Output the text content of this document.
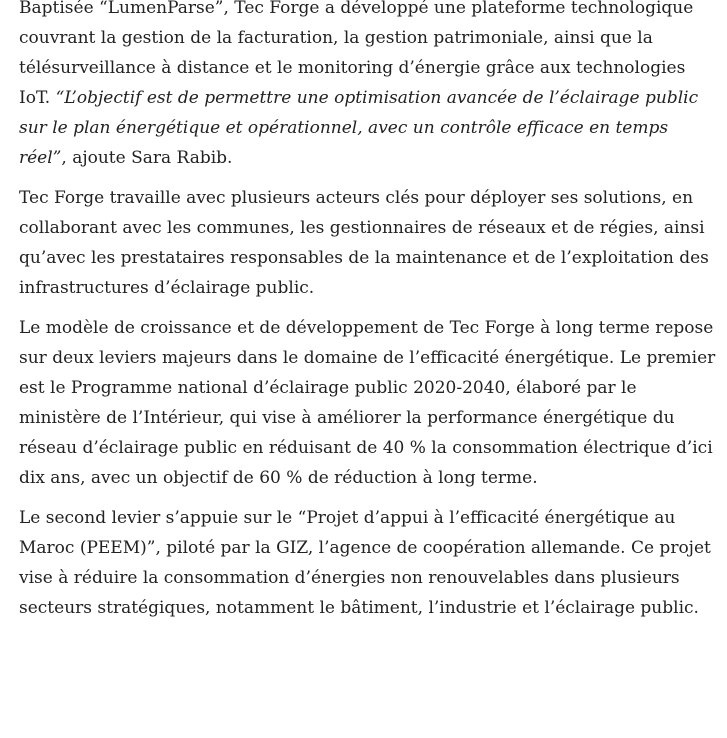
Baptisée “LumenParse”, Tec Forge a développé une plateforme technologique couvrant la gestion de la facturation, la gestion patrimoniale, ainsi que la télésurveillance à distance et le monitoring d’énergie grâce aux technologies IoT. “L’objectif est de permettre une optimisation avancée de l’éclairage public sur le plan énergétique et opérationnel, avec un contrôle efficace en temps réel”, ajoute Sara Rabib.

Tec Forge travaille avec plusieurs acteurs clés pour déployer ses solutions, en collaborant avec les communes, les gestionnaires de réseaux et de régies, ainsi qu’avec les prestataires responsables de la maintenance et de l’exploitation des infrastructures d’éclairage public.

Le modèle de croissance et de développement de Tec Forge à long terme repose sur deux leviers majeurs dans le domaine de l’efficacité énergétique. Le premier est le Programme national d’éclairage public 2020-2040, élaboré par le ministère de l’Intérieur, qui vise à améliorer la performance énergétique du réseau d’éclairage public en réduisant de 40 % la consommation électrique d’ici dix ans, avec un objectif de 60 % de réduction à long terme.

Le second levier s’appuie sur le “Projet d’appui à l’efficacité énergétique au Maroc (PEEM)”, piloté par la GIZ, l’agence de coopération allemande. Ce projet vise à réduire la consommation d’énergies non renouvelables dans plusieurs secteurs stratégiques, notamment le bâtiment, l’industrie et l’éclairage public.
